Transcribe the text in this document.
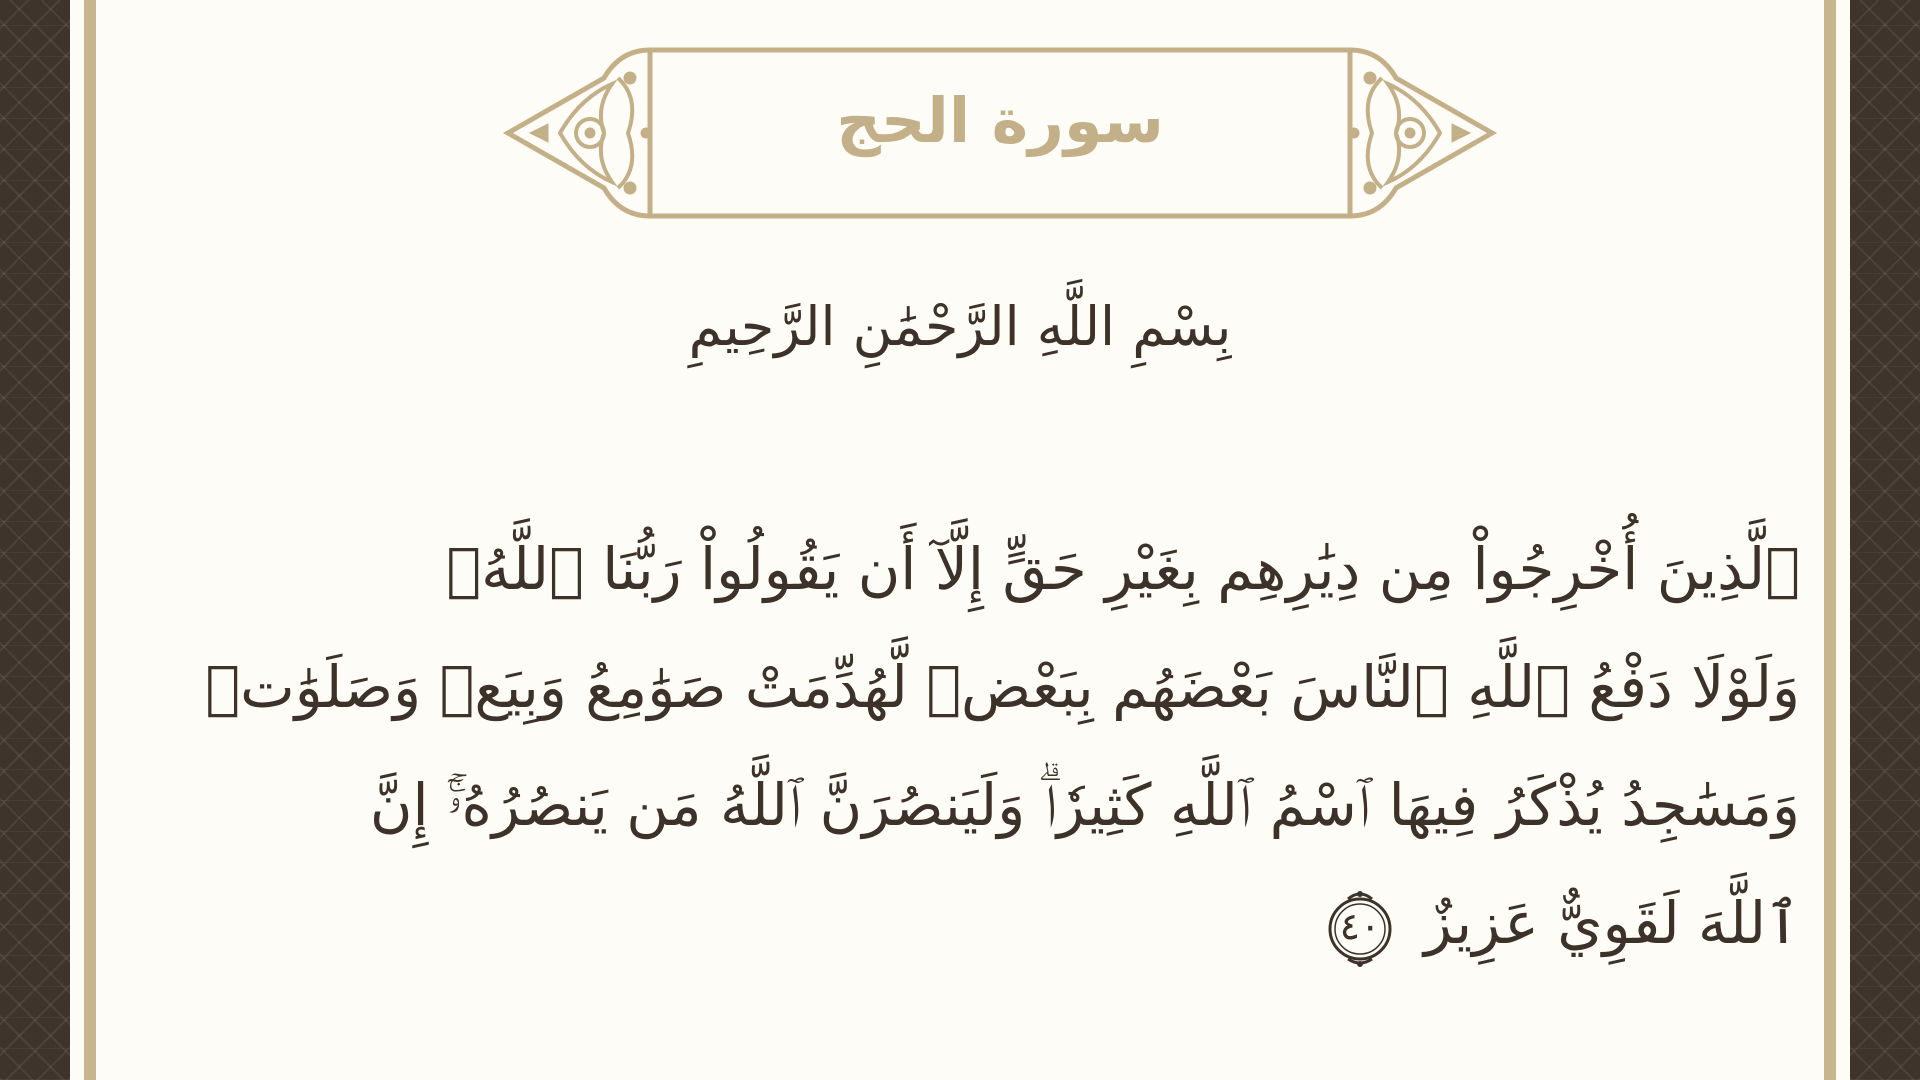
سورة الحج
بِسْمِ اللَّهِ الرَّحْمَٰنِ الرَّحِيمِ
ٱلَّذِينَ أُخْرِجُواْ مِن دِيَٰرِهِم بِغَيْرِ حَقٍّ إِلَّآ أَن يَقُولُواْ رَبُّنَا ٱللَّهُۗ
وَلَوْلَا دَفْعُ ٱللَّهِ ٱلنَّاسَ بَعْضَهُم بِبَعْضٖ لَّهُدِّمَتْ صَوَٰمِعُ وَبِيَعٞ وَصَلَوَٰتٞ
وَمَسَٰجِدُ يُذْكَرُ فِيهَا ٱسْمُ ٱللَّهِ كَثِيرٗاۗ وَلَيَنصُرَنَّ ٱللَّهُ مَن يَنصُرُهُۥٓۚ إِنَّ
ٱللَّهَ لَقَوِيٌّ عَزِيزٌ
٤٠
